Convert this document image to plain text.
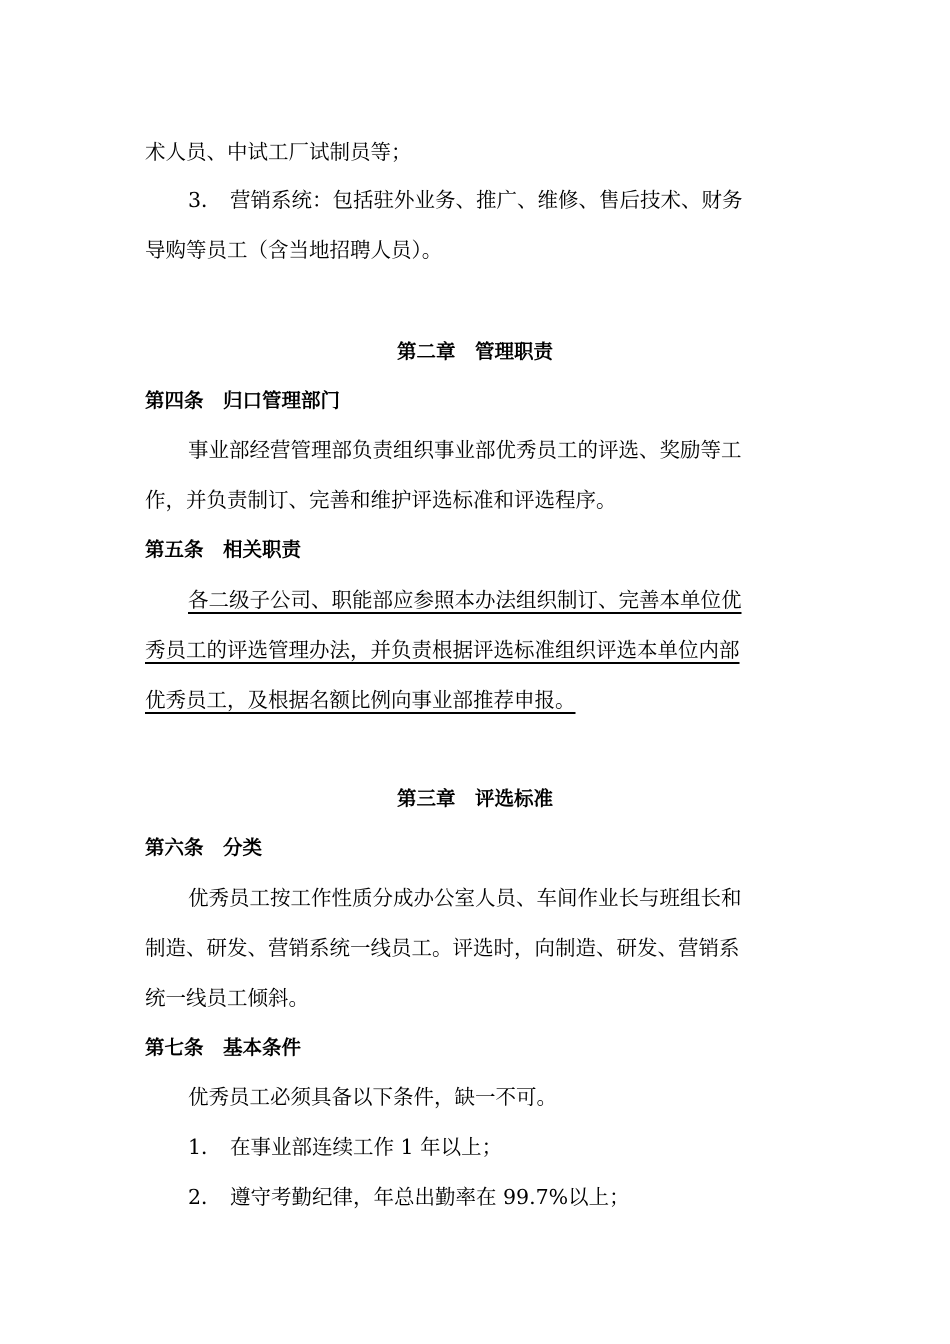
术人员、中试工厂试制员等；
3． 营销系统：包括驻外业务、推广、维修、售后技术、财务
导购等员工（含当地招聘人员）。
第二章　管理职责
第四条　归口管理部门
事业部经营管理部负责组织事业部优秀员工的评选、奖励等工
作，并负责制订、完善和维护评选标准和评选程序。
第五条　相关职责
各二级子公司、职能部应参照本办法组织制订、完善本单位优
秀员工的评选管理办法，并负责根据评选标准组织评选本单位内部
优秀员工，及根据名额比例向事业部推荐申报。
第三章　评选标准
第六条　分类
优秀员工按工作性质分成办公室人员、车间作业长与班组长和
制造、研发、营销系统一线员工。评选时，向制造、研发、营销系
统一线员工倾斜。
第七条　基本条件
优秀员工必须具备以下条件，缺一不可。
1． 在事业部连续工作 1 年以上；
2． 遵守考勤纪律，年总出勤率在 99.7%以上；
